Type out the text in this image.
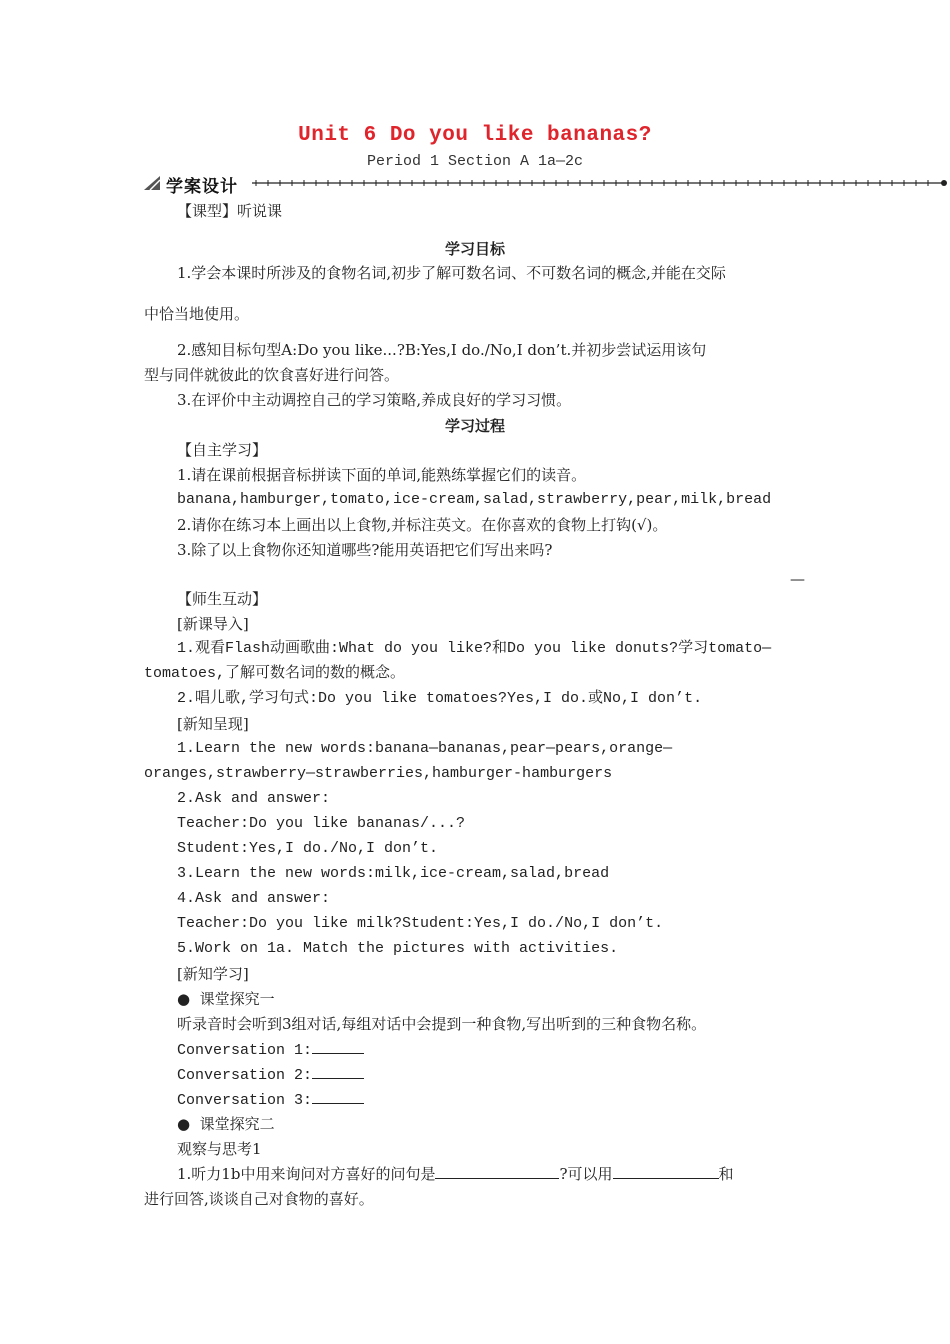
Unit 6 Do you like bananas?
Period 1 Section A 1a—2c
学案设计
【课型】听说课
学习目标
1.学会本课时所涉及的食物名词,初步了解可数名词、不可数名词的概念,并能在交际
中恰当地使用。
2.感知目标句型A:Do you like...?B:Yes,I do./No,I don’t.并初步尝试运用该句
型与同伴就彼此的饮食喜好进行问答。
3.在评价中主动调控自己的学习策略,养成良好的学习习惯。
学习过程
【自主学习】
1.请在课前根据音标拼读下面的单词,能熟练掌握它们的读音。
banana,hamburger,tomato,ice-cream,salad,strawberry,pear,milk,bread
2.请你在练习本上画出以上食物,并标注英文。在你喜欢的食物上打钩(√)。
3.除了以上食物你还知道哪些?能用英语把它们写出来吗?
—
【师生互动】
[新课导入]
1.观看Flash动画歌曲:What do you like?和Do you like donuts?学习tomato—
tomatoes,了解可数名词的数的概念。
2.唱儿歌,学习句式:Do you like tomatoes?Yes,I do.或No,I don’t.
[新知呈现]
1.Learn the new words:banana—bananas,pear—pears,orange—
oranges,strawberry—strawberries,hamburger-hamburgers
2.Ask and answer:
Teacher:Do you like bananas/...?
Student:Yes,I do./No,I don’t.
3.Learn the new words:milk,ice-cream,salad,bread
4.Ask and answer:
Teacher:Do you like milk?Student:Yes,I do./No,I don’t.
5.Work on 1a. Match the pictures with activities.
[新知学习]
● 课堂探究一
听录音时会听到3组对话,每组对话中会提到一种食物,写出听到的三种食物名称。
Conversation 1:
Conversation 2:
Conversation 3:
● 课堂探究二
观察与思考1
1.听力1b中用来询问对方喜好的问句是	?可以用	和
进行回答,谈谈自己对食物的喜好。
